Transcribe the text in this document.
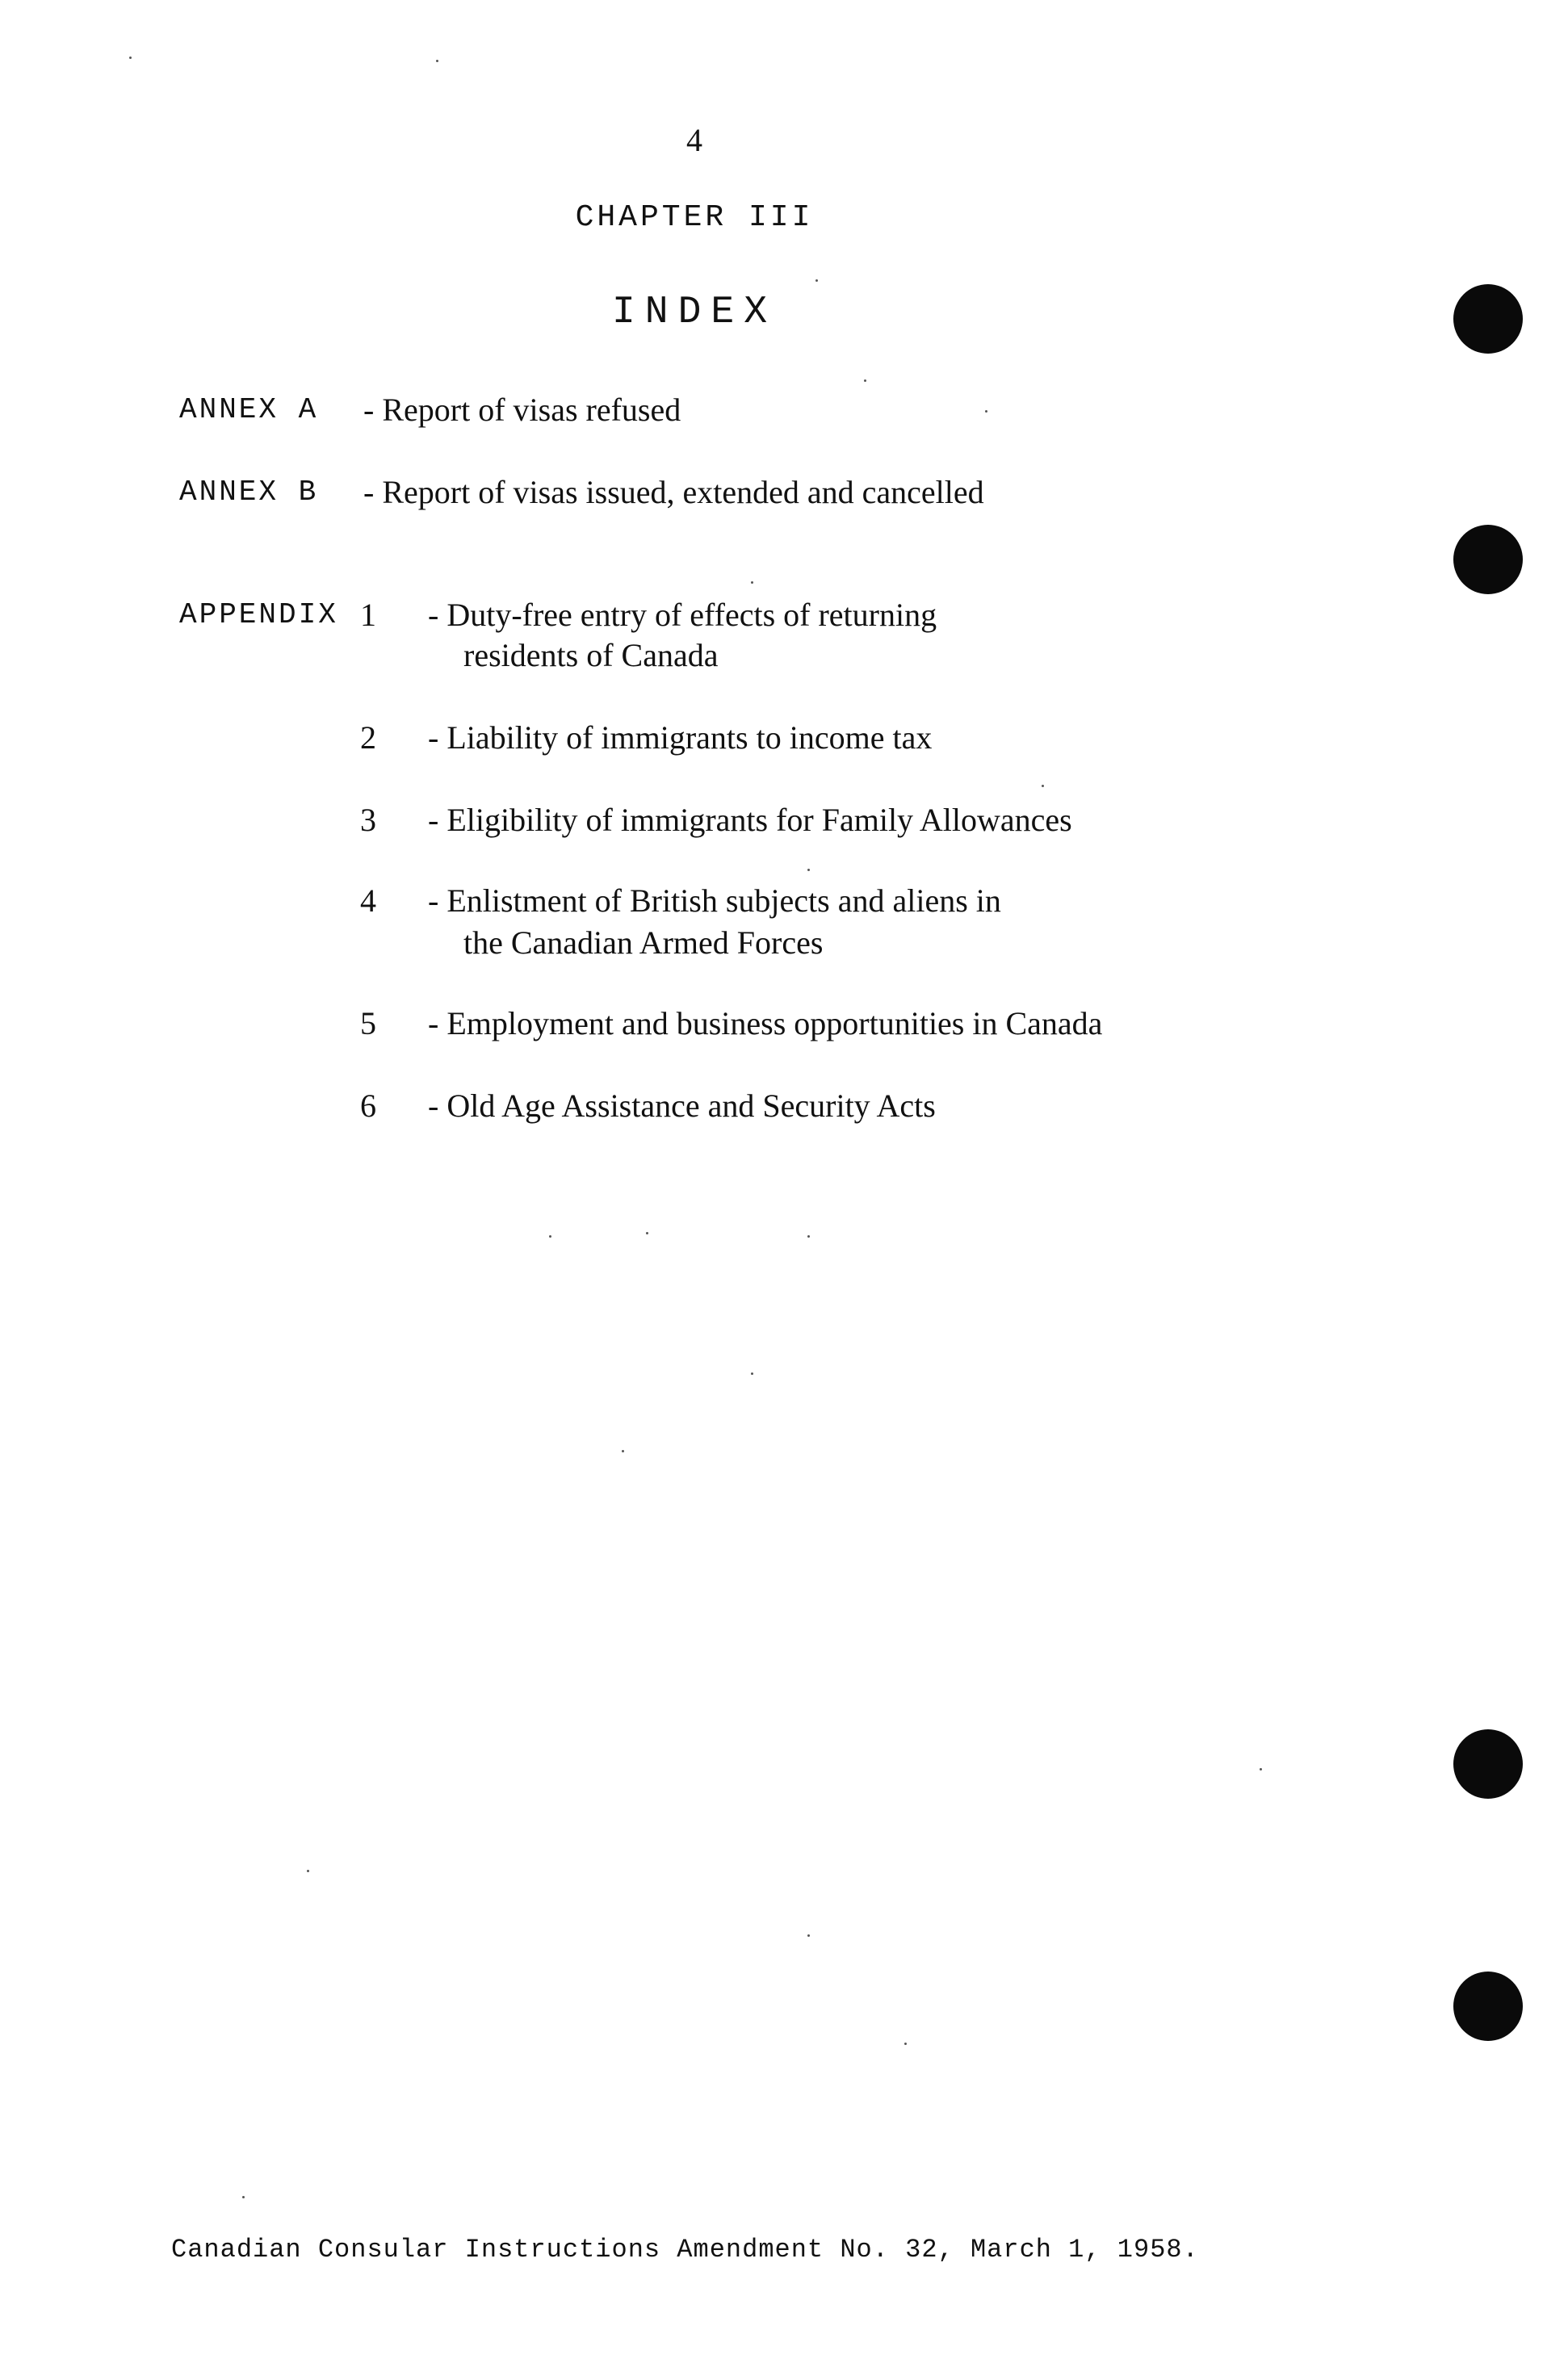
4
CHAPTER III
INDEX
ANNEX A - Report of visas refused
ANNEX B - Report of visas issued, extended and cancelled
APPENDIX 1 - Duty-free entry of effects of returning
residents of Canada
2 - Liability of immigrants to income tax
3 - Eligibility of immigrants for Family Allowances
4 - Enlistment of British subjects and aliens in
the Canadian Armed Forces
5 - Employment and business opportunities in Canada
6 - Old Age Assistance and Security Acts
Canadian Consular Instructions Amendment No. 32, March 1, 1958.
